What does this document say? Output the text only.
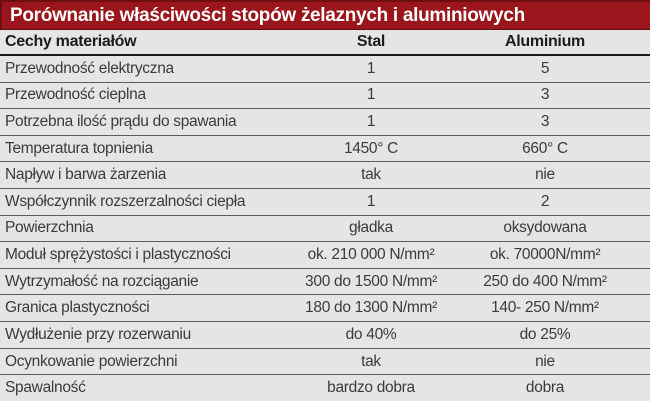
Porównanie właściwości stopów żelaznych i aluminiowych
Cechy materiałów	Stal	Aluminium
Przewodność elektryczna	1	5
Przewodność cieplna	1	3
Potrzebna ilość prądu do spawania	1	3
Temperatura topnienia	1450° C	660° C
Napływ i barwa żarzenia	tak	nie
Współczynnik rozszerzalności ciepła	1	2
Powierzchnia	gładka	oksydowana
Moduł sprężystości i plastyczności	ok. 210 000 N/mm²	ok. 70000N/mm²
Wytrzymałość na rozciąganie	300 do 1500 N/mm²	250 do 400 N/mm²
Granica plastyczności	180 do 1300 N/mm²	140- 250 N/mm²
Wydłużenie przy rozerwaniu	do 40%	do 25%
Ocynkowanie powierzchni	tak	nie
Spawalność	bardzo dobra	dobra
